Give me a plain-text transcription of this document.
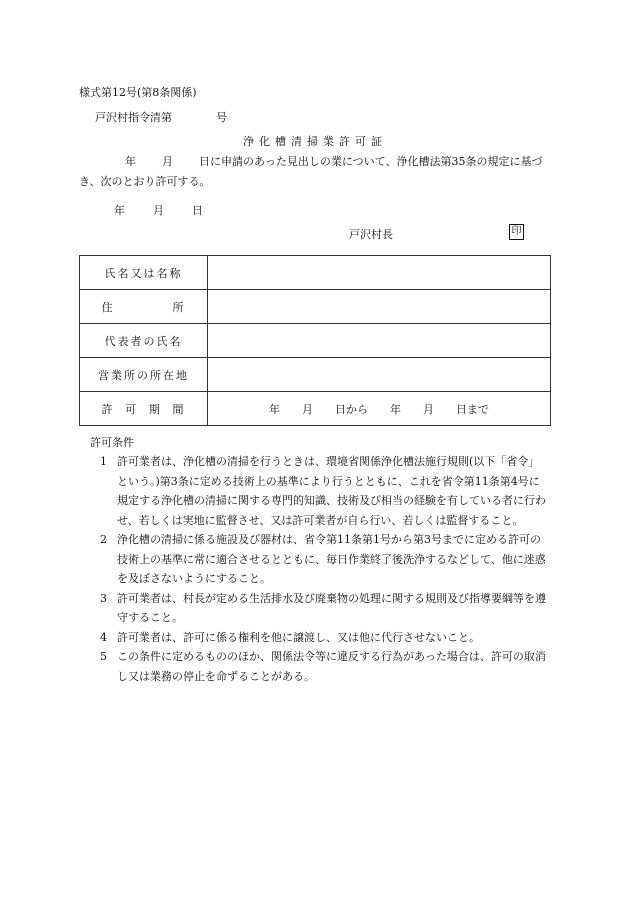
様式第12号(第8条関係)
戸沢村指令清第	号
浄化槽清掃業許可証
年 月 日に申請のあった見出しの業について、浄化槽法第35条の規定に基づき、次のとおり許可する。
年	月	日
戸沢村長	印
氏名又は名称	

住 所	

代表者の氏名	
営業所の所在地	

許 可 期 間	年 月 日から 年 月 日まで
許可条件
1 許可業者は、浄化槽の清掃を行うときは、環境省関係浄化槽法施行規則(以下「省令」という。)第3条に定める技術上の基準により行うとともに、これを省令第11条第4号に規定する浄化槽の清掃に関する専門的知識、技術及び相当の経験を有している者に行わせ、若しくは実地に監督させ、又は許可業者が自ら行い、若しくは監督すること。
2 浄化槽の清掃に係る施設及び器材は、省令第11条第1号から第3号までに定める許可の技術上の基準に常に適合させるとともに、毎日作業終了後洗浄するなどして、他に迷惑を及ぼさないようにすること。
3 許可業者は、村長が定める生活排水及び廃棄物の処理に関する規則及び指導要綱等を遵守すること。
4 許可業者は、許可に係る権利を他に譲渡し、又は他に代行させないこと。
5 この条件に定めるもののほか、関係法令等に違反する行為があった場合は、許可の取消し又は業務の停止を命ずることがある。
